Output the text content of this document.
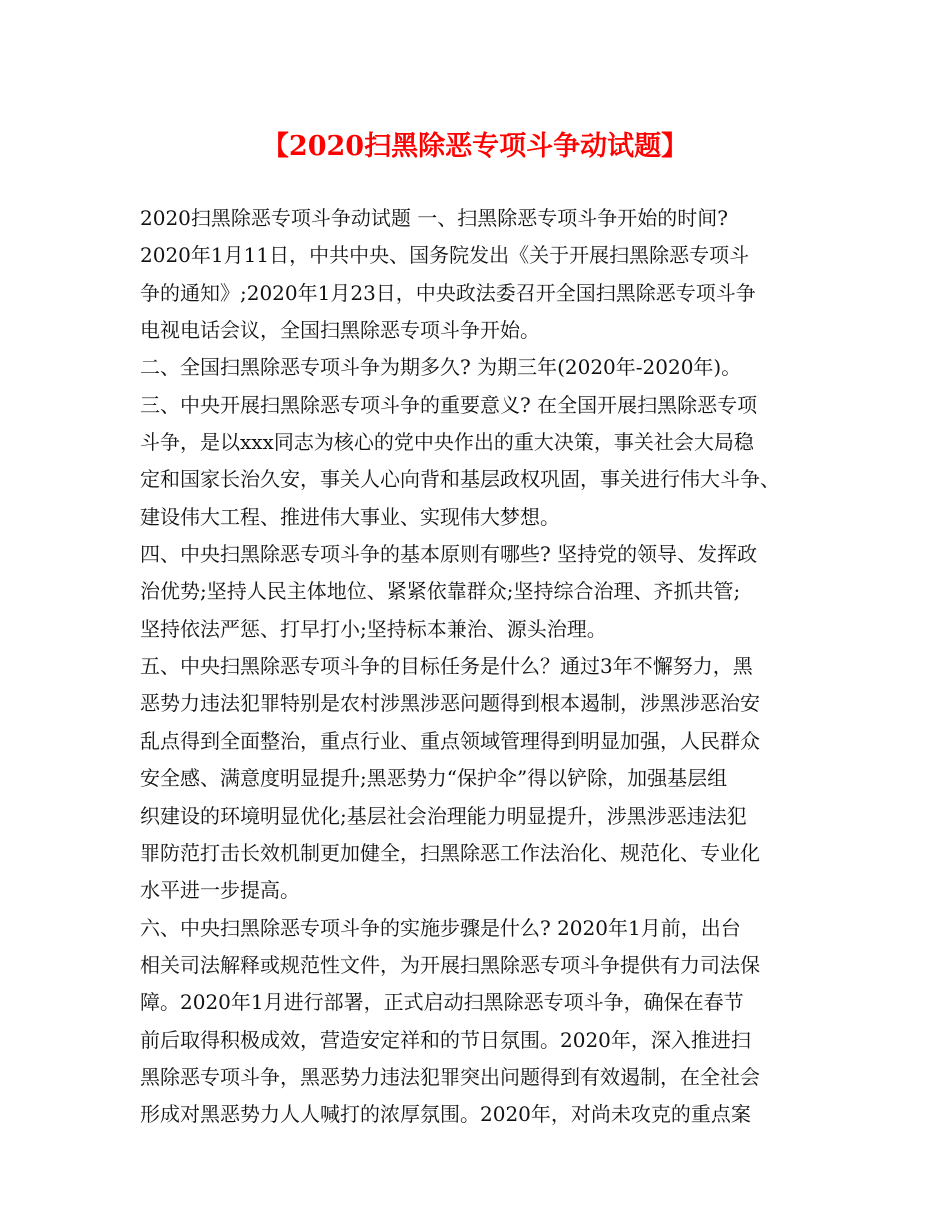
【2020扫黑除恶专项斗争动试题】
2020扫黑除恶专项斗争动试题 一、扫黑除恶专项斗争开始的时间?
2020年1月11日，中共中央、国务院发出《关于开展扫黑除恶专项斗
争的通知》;2020年1月23日，中央政法委召开全国扫黑除恶专项斗争
电视电话会议，全国扫黑除恶专项斗争开始。
二、全国扫黑除恶专项斗争为期多久? 为期三年(2020年-2020年)。
三、中央开展扫黑除恶专项斗争的重要意义? 在全国开展扫黑除恶专项
斗争，是以xxx同志为核心的党中央作出的重大决策，事关社会大局稳
定和国家长治久安，事关人心向背和基层政权巩固，事关进行伟大斗争、
建设伟大工程、推进伟大事业、实现伟大梦想。
四、中央扫黑除恶专项斗争的基本原则有哪些? 坚持党的领导、发挥政
治优势;坚持人民主体地位、紧紧依靠群众;坚持综合治理、齐抓共管;
坚持依法严惩、打早打小;坚持标本兼治、源头治理。
五、中央扫黑除恶专项斗争的目标任务是什么？通过3年不懈努力，黑
恶势力违法犯罪特别是农村涉黑涉恶问题得到根本遏制，涉黑涉恶治安
乱点得到全面整治，重点行业、重点领域管理得到明显加强，人民群众
安全感、满意度明显提升;黑恶势力“保护伞”得以铲除，加强基层组
织建设的环境明显优化;基层社会治理能力明显提升，涉黑涉恶违法犯
罪防范打击长效机制更加健全，扫黑除恶工作法治化、规范化、专业化
水平进一步提高。
六、中央扫黑除恶专项斗争的实施步骤是什么? 2020年1月前，出台
相关司法解释或规范性文件，为开展扫黑除恶专项斗争提供有力司法保
障。2020年1月进行部署，正式启动扫黑除恶专项斗争，确保在春节
前后取得积极成效，营造安定祥和的节日氛围。2020年，深入推进扫
黑除恶专项斗争，黑恶势力违法犯罪突出问题得到有效遏制，在全社会
形成对黑恶势力人人喊打的浓厚氛围。2020年，对尚未攻克的重点案
